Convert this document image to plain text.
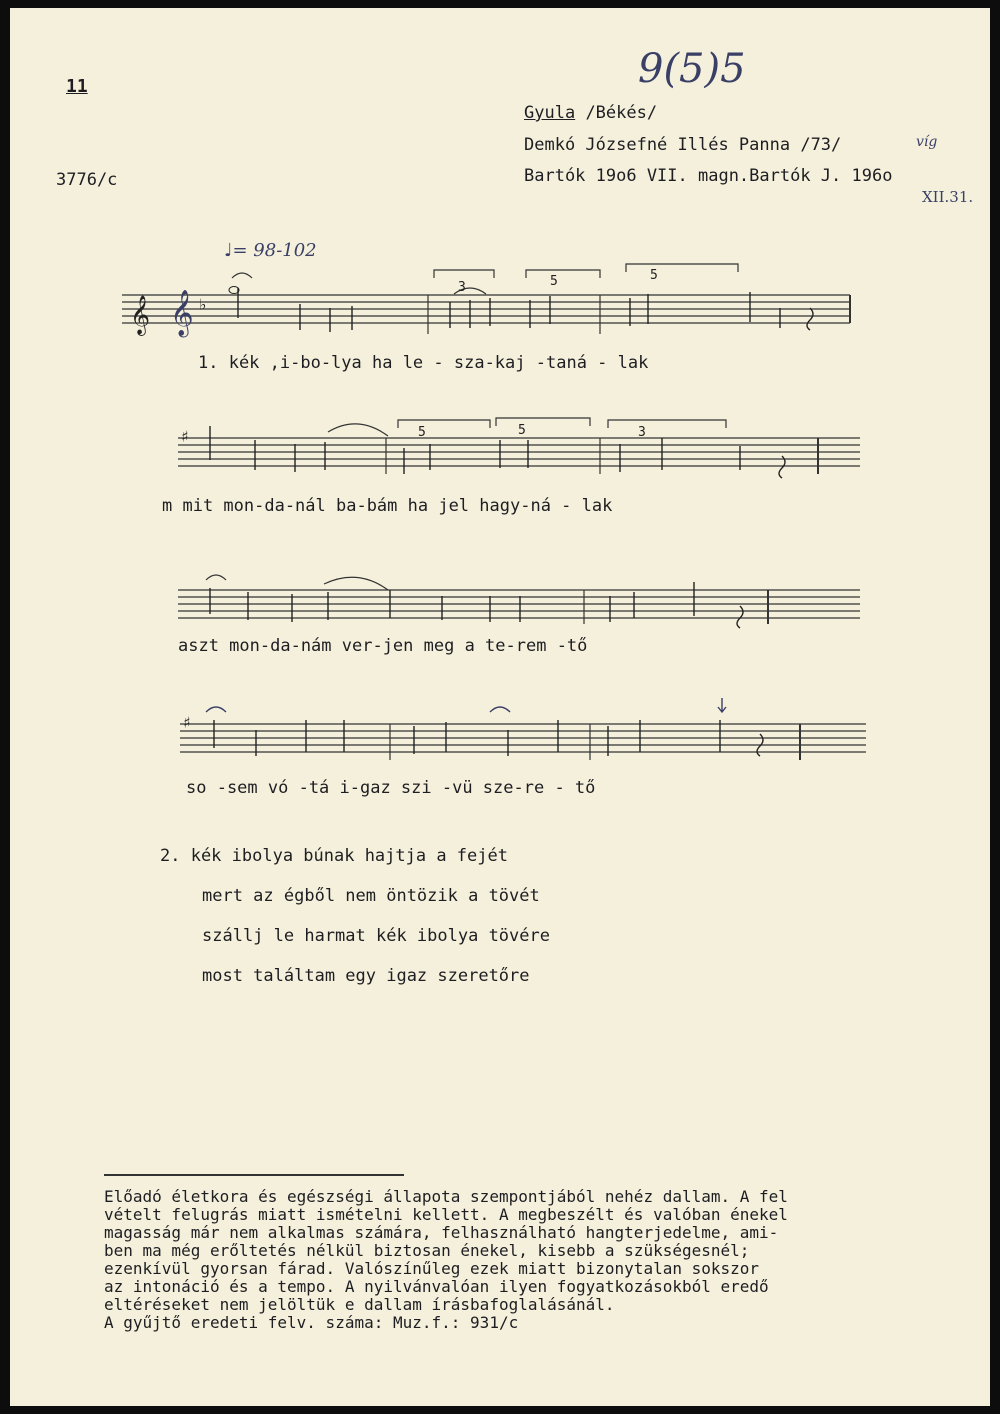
11
3776/c
9(5)5
Gyula /Békés/
Demkó Józsefné Illés Panna /73/	víg
Bartók 19o6 VII. magn.Bartók J. 196o
XII.31.
♩= 98-102
𝄞 𝄞 ♭
3	5	5
♯	5	5	3
♯
1. kék ,i-bo-lya ha le - sza-kaj -taná - lak
m mit mon-da-nál ba-bám ha jel hagy-ná - lak
aszt mon-da-nám ver-jen meg a te-rem -tő
so -sem vó -tá i-gaz szi -vü sze-re - tő
2. kék ibolya búnak hajtja a fejét
mert az égből nem öntözik a tövét
szállj le harmat kék ibolya tövére
most találtam egy igaz szeretőre
Előadó életkora és egészségi állapota szempontjából nehéz dallam. A fel
vételt felugrás miatt ismételni kellett. A megbeszélt és valóban énekel
magasság már nem alkalmas számára, felhasználható hangterjedelme, ami-
ben ma még erőltetés nélkül biztosan énekel, kisebb a szükségesnél;
ezenkívül gyorsan fárad. Valószínűleg ezek miatt bizonytalan sokszor
az intonáció és a tempo. A nyilvánvalóan ilyen fogyatkozásokból eredő
eltéréseket nem jelöltük e dallam írásbafoglalásánál.
A gyűjtő eredeti felv. száma: Muz.f.: 931/c
